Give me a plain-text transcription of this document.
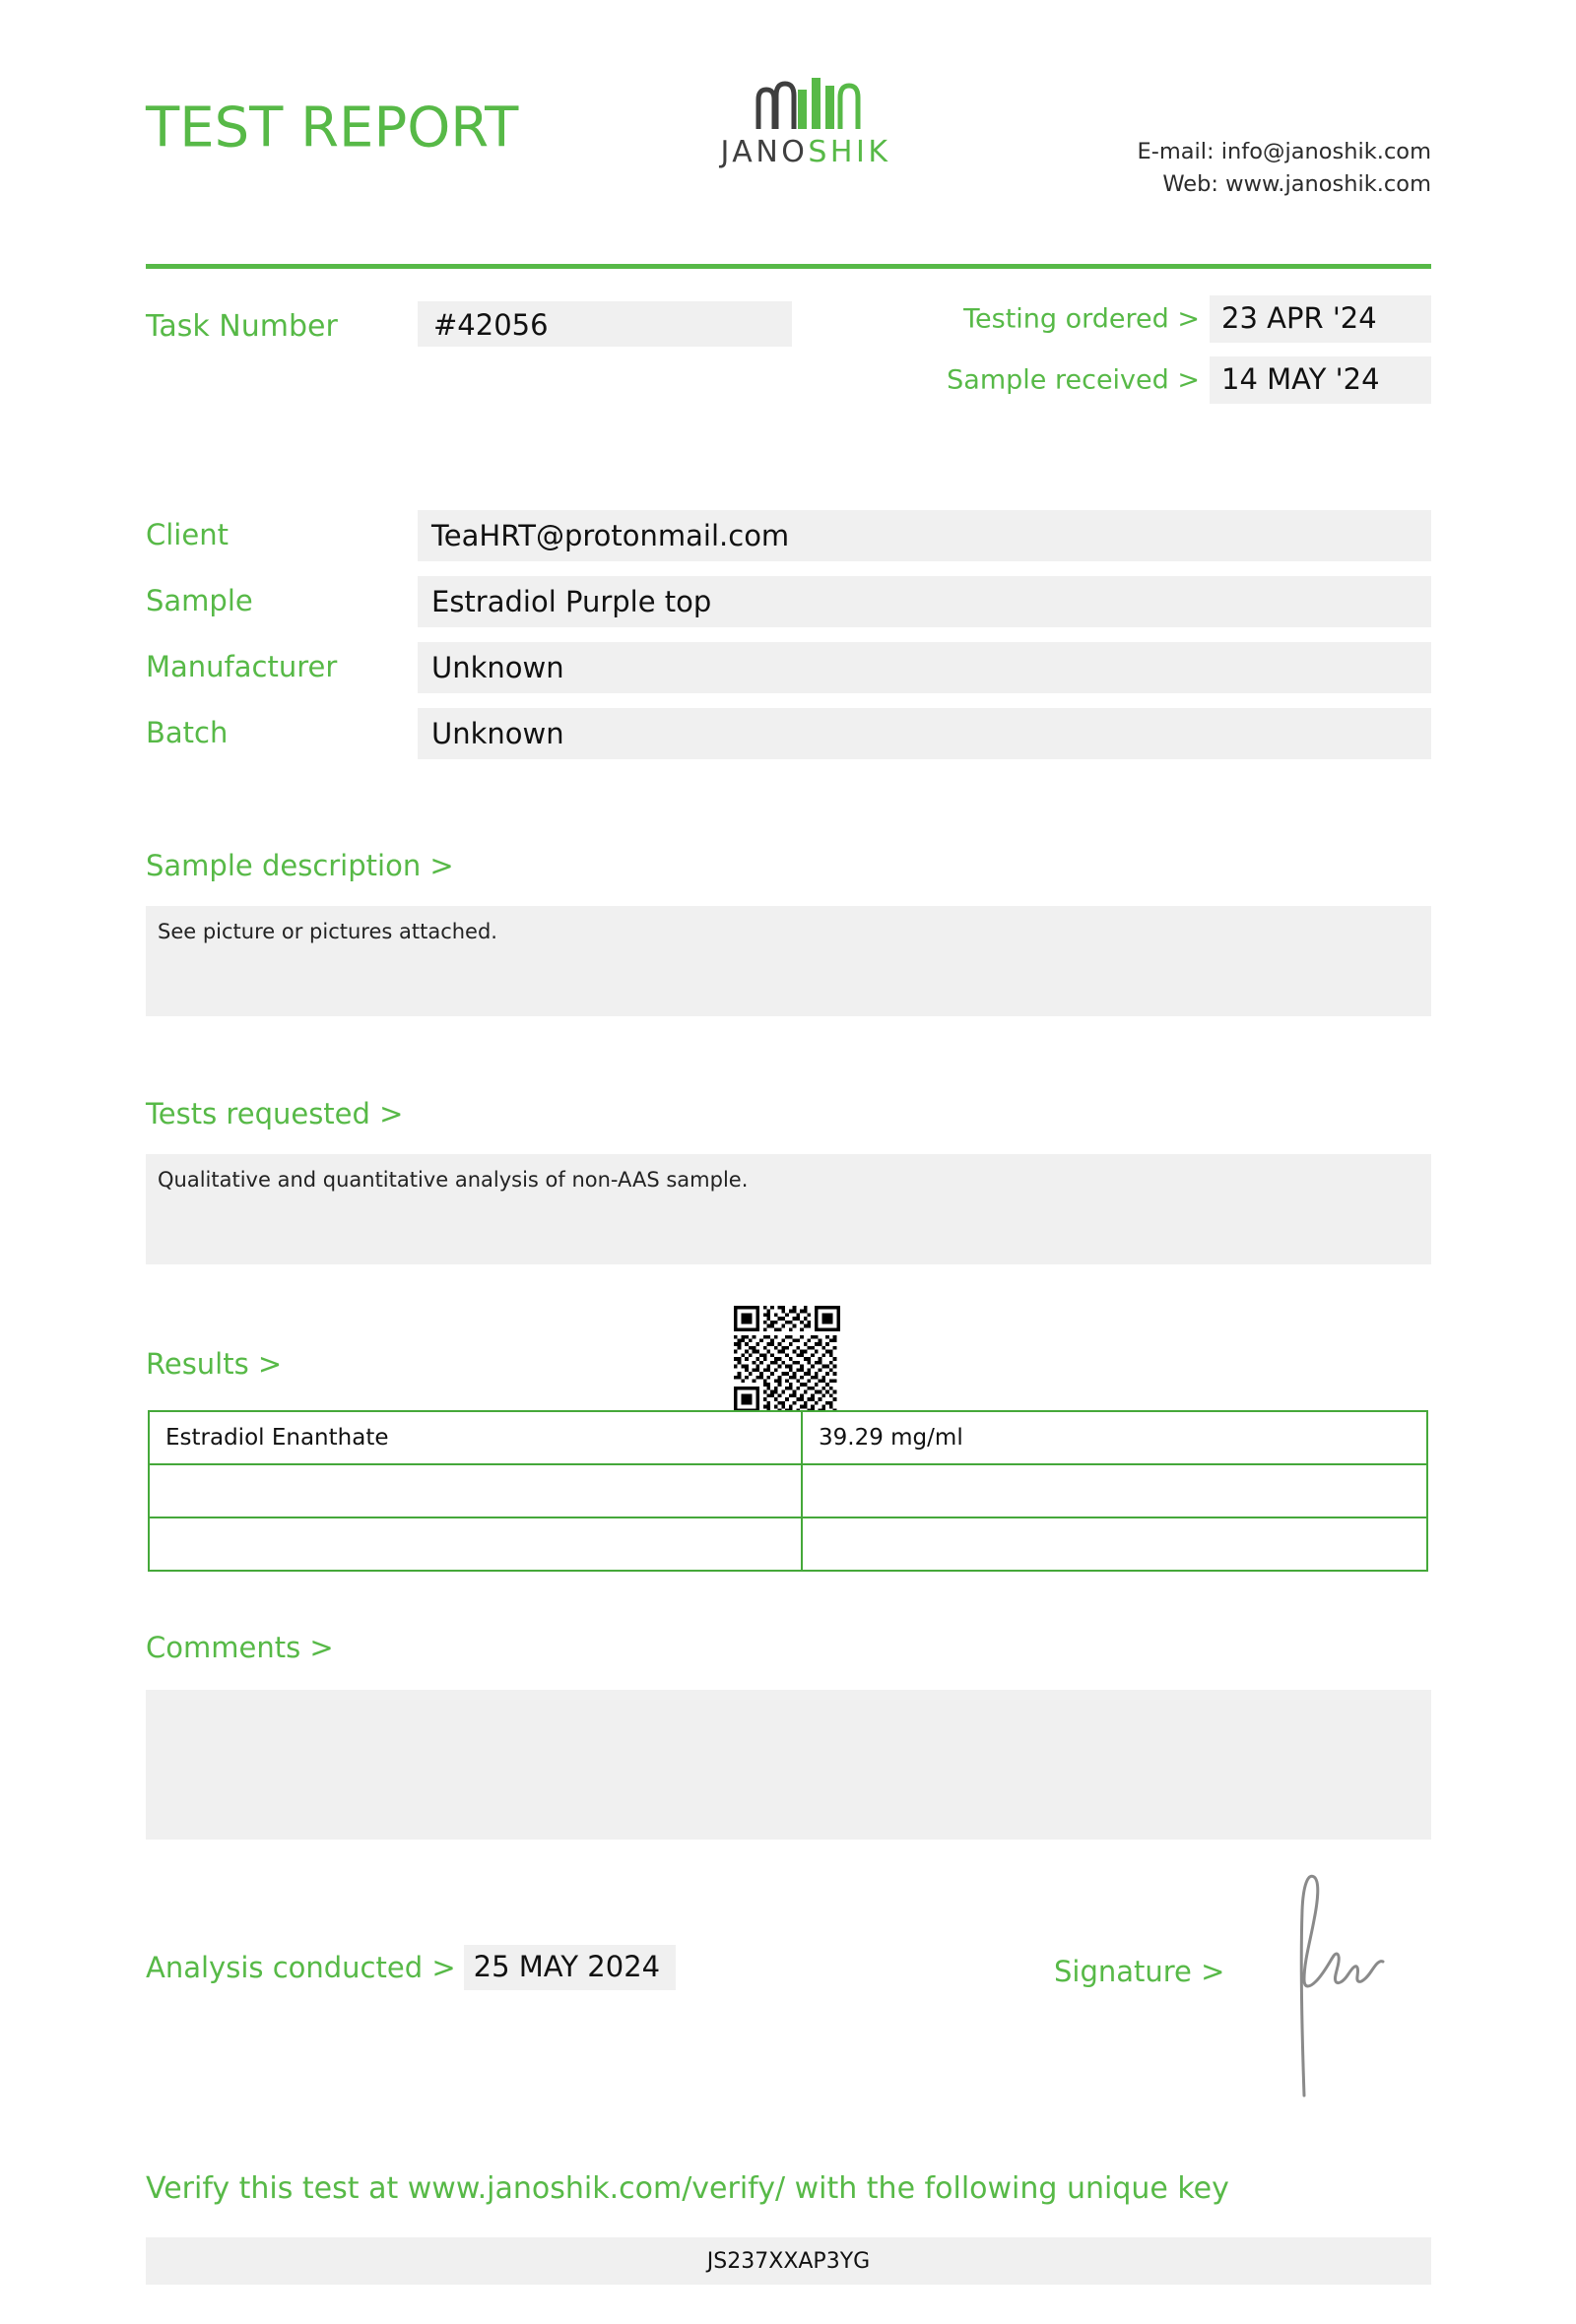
TEST REPORT	JANOSHIK	E-mail: info@janoshik.com
Web: www.janoshik.com
Task Number	#42056	Testing ordered > 23 APR '24
Sample received > 14 MAY '24
Client	TeaHRT@protonmail.com
Sample	Estradiol Purple top
Manufacturer	Unknown
Batch	Unknown
Sample description >
See picture or pictures attached.
Tests requested >
Qualitative and quantitative analysis of non-AAS sample.
Results >
Estradiol Enanthate	39.29 mg/ml

Comments >
Analysis conducted > 25 MAY 2024	Signature >
Verify this test at www.janoshik.com/verify/ with the following unique key
JS237XXAP3YG
